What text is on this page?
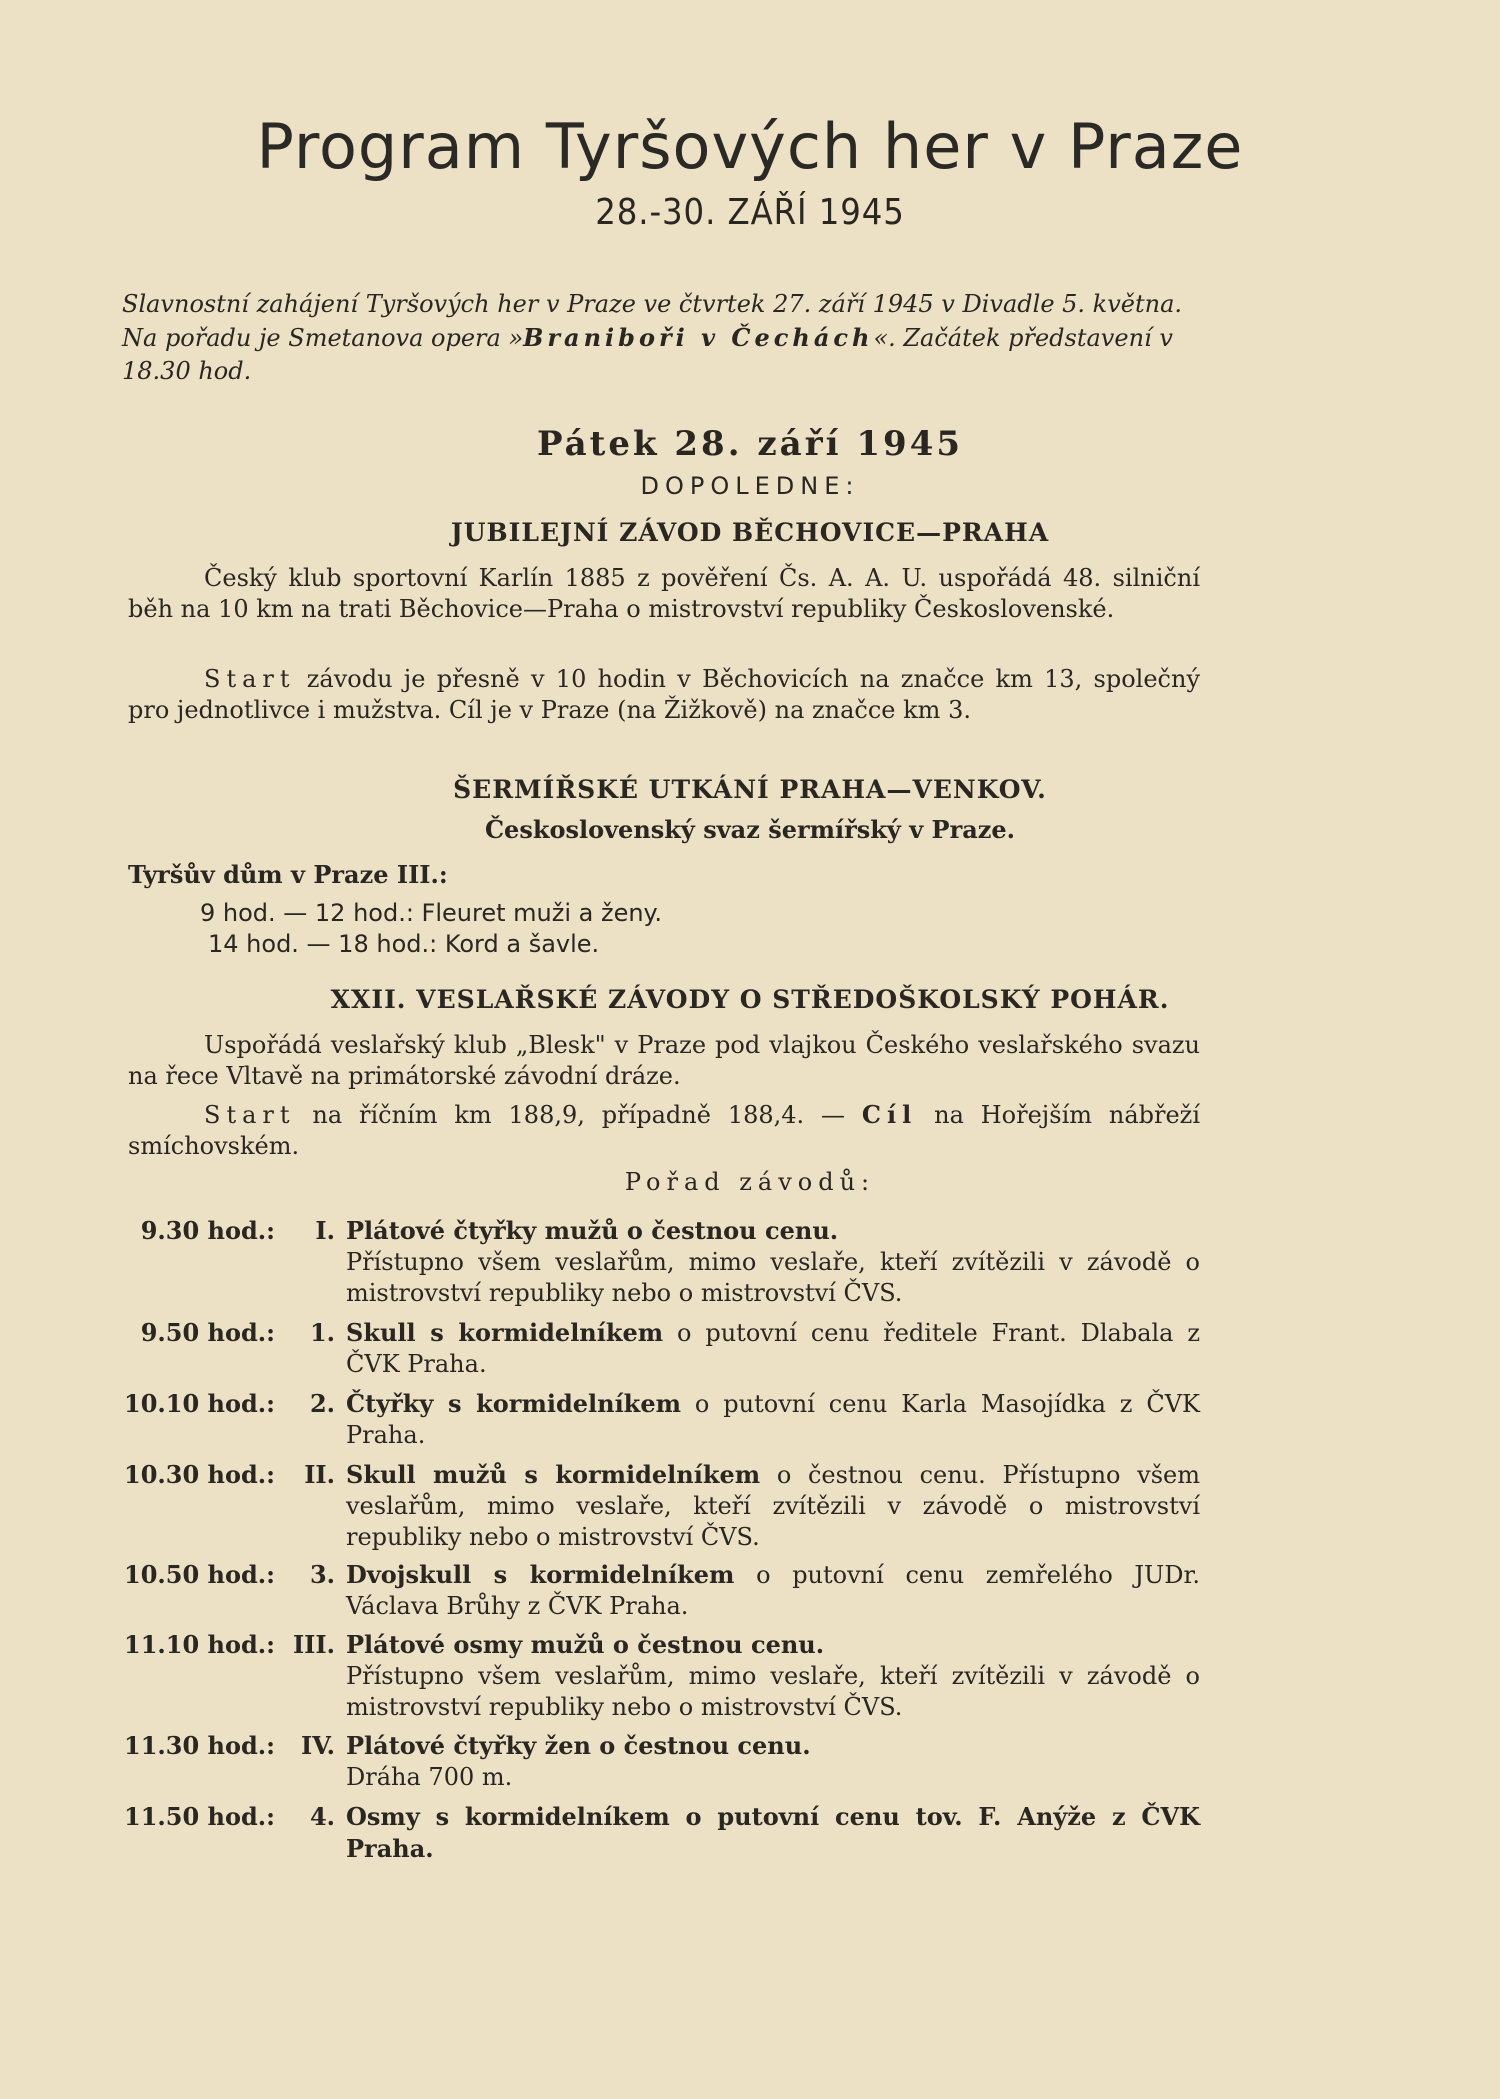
Program Tyršových her v Praze
28.-30. ZÁŘÍ 1945

Slavnostní zahájení Tyršových her v Praze ve čtvrtek 27. září 1945 v Divadle 5. května. Na pořadu je Smetanova opera »Braniboři v Čechách«. Začátek představení v 18.30 hod.

Pátek 28. září 1945
DOPOLEDNE:
JUBILEJNÍ ZÁVOD BĚCHOVICE—PRAHA

Český klub sportovní Karlín 1885 z pověření Čs. A. A. U. uspořádá 48. silniční běh na 10 km na trati Běchovice—Praha o mistrovství republiky Československé.

Start závodu je přesně v 10 hodin v Běchovicích na značce km 13, společný pro jednotlivce i mužstva. Cíl je v Praze (na Žižkově) na značce km 3.

ŠERMÍŘSKÉ UTKÁNÍ PRAHA—VENKOV.
Československý svaz šermířský v Praze.
Tyršův dům v Praze III.:
9 hod. — 12 hod.: Fleuret muži a ženy.
14 hod. — 18 hod.: Kord a šavle.
XXII. VESLAŘSKÉ ZÁVODY O STŘEDOŠKOLSKÝ POHÁR.

Uspořádá veslařský klub „Blesk" v Praze pod vlajkou Českého veslařského svazu na řece Vltavě na primátorské závodní dráze.

Start na říčním km 188,9, případně 188,4. — Cíl na Hořejším nábřeží smíchovském.

Pořad závodů:
9.30 hod.:	I. Plátové čtyřky mužů o čestnou cenu.
Přístupno všem veslařům, mimo veslaře, kteří zvítězili v závodě o mistrovství republiky nebo o mistrovství ČVS.
9.50 hod.:	1. Skull s kormidelníkem o putovní cenu ředitele Frant. Dlabala z ČVK Praha.
10.10 hod.:	2. Čtyřky s kormidelníkem o putovní cenu Karla Masojídka z ČVK Praha.
10.30 hod.:	II. Skull mužů s kormidelníkem o čestnou cenu. Přístupno všem veslařům, mimo veslaře, kteří zvítězili v závodě o mistrovství republiky nebo o mistrovství ČVS.
10.50 hod.:	3. Dvojskull s kormidelníkem o putovní cenu zemřelého JUDr. Václava Brůhy z ČVK Praha.
11.10 hod.: III. Plátové osmy mužů o čestnou cenu.
Přístupno všem veslařům, mimo veslaře, kteří zvítězili v závodě o mistrovství republiky nebo o mistrovství ČVS.
11.30 hod.:	IV. Plátové čtyřky žen o čestnou cenu.
Dráha 700 m.
11.50 hod.:	4. Osmy s kormidelníkem o putovní cenu tov. F. Anýže z ČVK Praha.
